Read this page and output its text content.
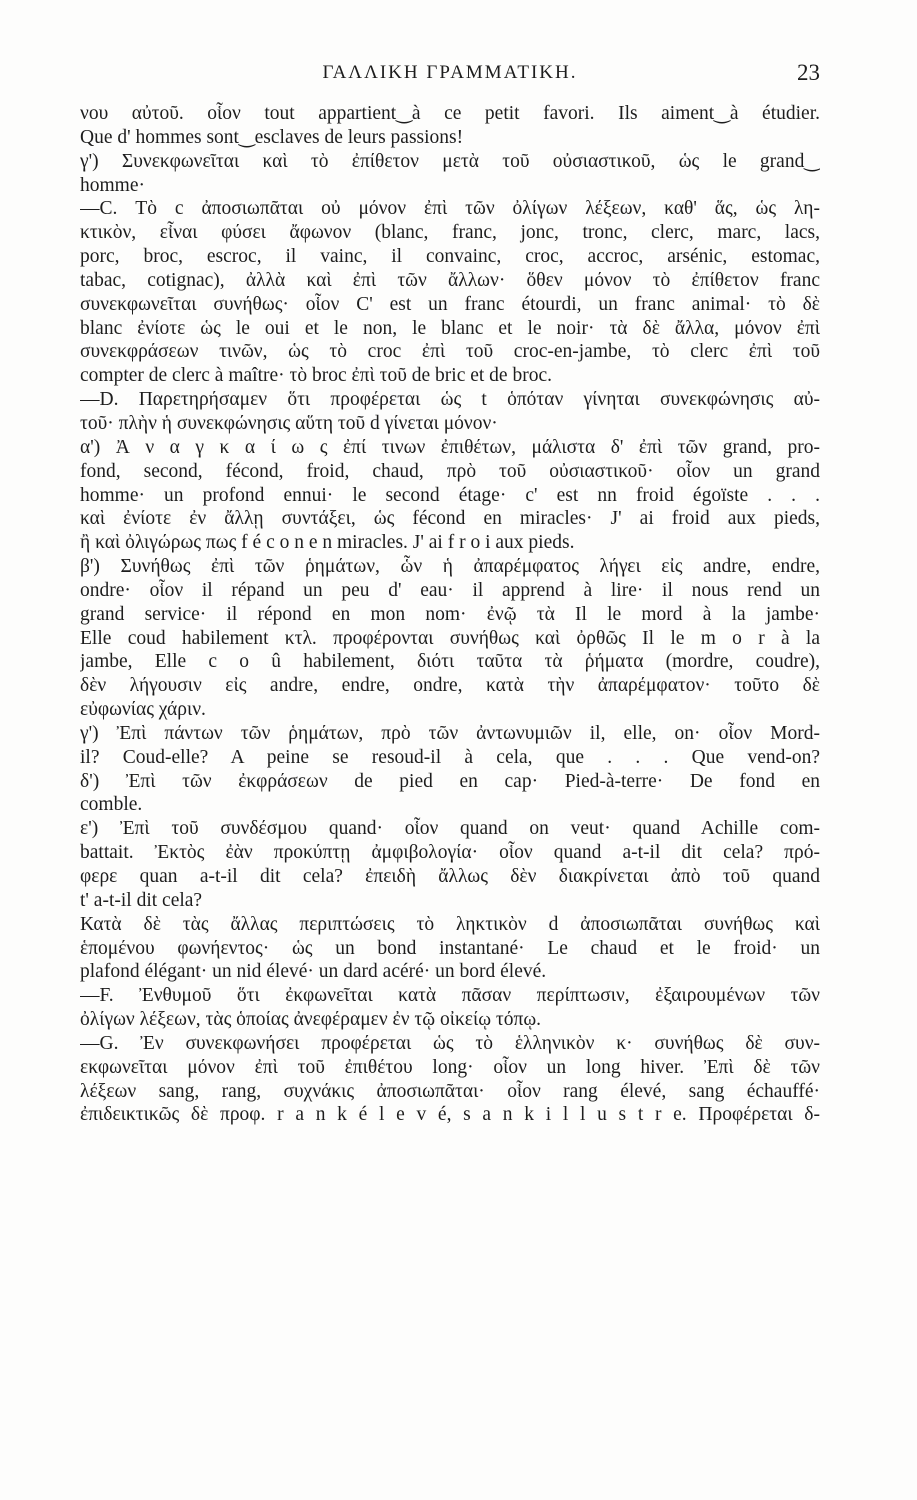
ΓΑΛΛΙΚΗ ΓΡΑΜΜΑΤΙΚΗ.	23
νου αὐτοῦ. οἷον tout appartient‿à ce petit favori. Ils aiment‿à étudier.
Que d' hommes sont‿esclaves de leurs passions!
γ') Συνεκφωνεῖται καὶ τὸ ἐπίθετον μετὰ τοῦ οὐσιαστικοῦ, ὡς le grand‿
homme·
—C. Τὸ c ἀποσιωπᾶται οὐ μόνον ἐπὶ τῶν ὀλίγων λέξεων, καθ' ἅς, ὡς λη-
κτικὸν, εἶναι φύσει ἄφωνον (blanc, franc, jonc, tronc, clerc, marc, lacs,
porc, broc, escroc, il vainc, il convainc, croc, accroc, arsénic, estomac,
tabac, cotignac), ἀλλὰ καὶ ἐπὶ τῶν ἄλλων· ὅθεν μόνον τὸ ἐπίθετον franc
συνεκφωνεῖται συνήθως· οἷον C' est un franc étourdi, un franc animal· τὸ δὲ
blanc ἐνίοτε ὡς le oui et le non, le blanc et le noir· τὰ δὲ ἄλλα, μόνον ἐπὶ
συνεκφράσεων τινῶν, ὡς τὸ croc ἐπὶ τοῦ croc-en-jambe, τὸ clerc ἐπὶ τοῦ
compter de clerc à maître· τὸ broc ἐπὶ τοῦ de bric et de broc.
—D. Παρετηρήσαμεν ὅτι προφέρεται ὡς t ὁπόταν γίνηται συνεκφώνησις αὐ-
τοῦ· πλὴν ἡ συνεκφώνησις αὕτη τοῦ d γίνεται μόνον·
α') Ἀ ν α γ κ α ί ω ς ἐπί τινων ἐπιθέτων, μάλιστα δ' ἐπὶ τῶν grand, pro-
fond, second, fécond, froid, chaud, πρὸ τοῦ οὐσιαστικοῦ· οἷον un grand
homme· un profond ennui· le second étage· c' est nn froid égoïste . . .
καὶ ἐνίοτε ἐν ἄλλῃ συντάξει, ὡς fécond en miracles· J' ai froid aux pieds,
ἢ καὶ ὀλιγώρως πως f é c o n e n miracles. J' ai f r o i aux pieds.
β') Συνήθως ἐπὶ τῶν ῥημάτων, ὧν ἡ ἀπαρέμφατος λήγει εἰς andre, endre,
ondre· οἷον il répand un peu d' eau· il apprend à lire· il nous rend un
grand service· il répond en mon nom· ἐνῷ τὰ Il le mord à la jambe·
Elle coud habilement κτλ. προφέρονται συνήθως καὶ ὀρθῶς Il le m o r à la
jambe, Elle c o û habilement, διότι ταῦτα τὰ ῥήματα (mordre, coudre),
δὲν λήγουσιν εἰς andre, endre, ondre, κατὰ τὴν ἀπαρέμφατον· τοῦτο δὲ
εὐφωνίας χάριν.
γ') Ἐπὶ πάντων τῶν ῥημάτων, πρὸ τῶν ἀντωνυμιῶν il, elle, on· οἷον Mord-
il? Coud-elle? A peine se resoud-il à cela, que . . . Que vend-on?
δ') Ἐπὶ τῶν ἐκφράσεων de pied en cap· Pied-à-terre· De fond en
comble.
ε') Ἐπὶ τοῦ συνδέσμου quand· οἷον quand on veut· quand Achille com-
battait. Ἐκτὸς ἐὰν προκύπτῃ ἀμφιβολογία· οἷον quand a-t-il dit cela? πρό-
φερε quan a-t-il dit cela? ἐπειδὴ ἄλλως δὲν διακρίνεται ἀπὸ τοῦ quand
t' a-t-il dit cela?
Κατὰ δὲ τὰς ἄλλας περιπτώσεις τὸ ληκτικὸν d ἀποσιωπᾶται συνήθως καὶ
ἑπομένου φωνήεντος· ὡς un bond instantané· Le chaud et le froid· un
plafond élégant· un nid élevé· un dard acéré· un bord élevé.
—F. Ἐνθυμοῦ ὅτι ἐκφωνεῖται κατὰ πᾶσαν περίπτωσιν, ἐξαιρουμένων τῶν
ὀλίγων λέξεων, τὰς ὁποίας ἀνεφέραμεν ἐν τῷ οἰκείῳ τόπῳ.
—G. Ἐν συνεκφωνήσει προφέρεται ὡς τὸ ἑλληνικὸν κ· συνήθως δὲ συν-
εκφωνεῖται μόνον ἐπὶ τοῦ ἐπιθέτου long· οἷον un long hiver. Ἐπὶ δὲ τῶν
λέξεων sang, rang, συχνάκις ἀποσιωπᾶται· οἷον rang élevé, sang échauffé·
ἐπιδεικτικῶς δὲ προφ. r a n k é l e v é, s a n k i l l u s t r e. Προφέρεται δ-
